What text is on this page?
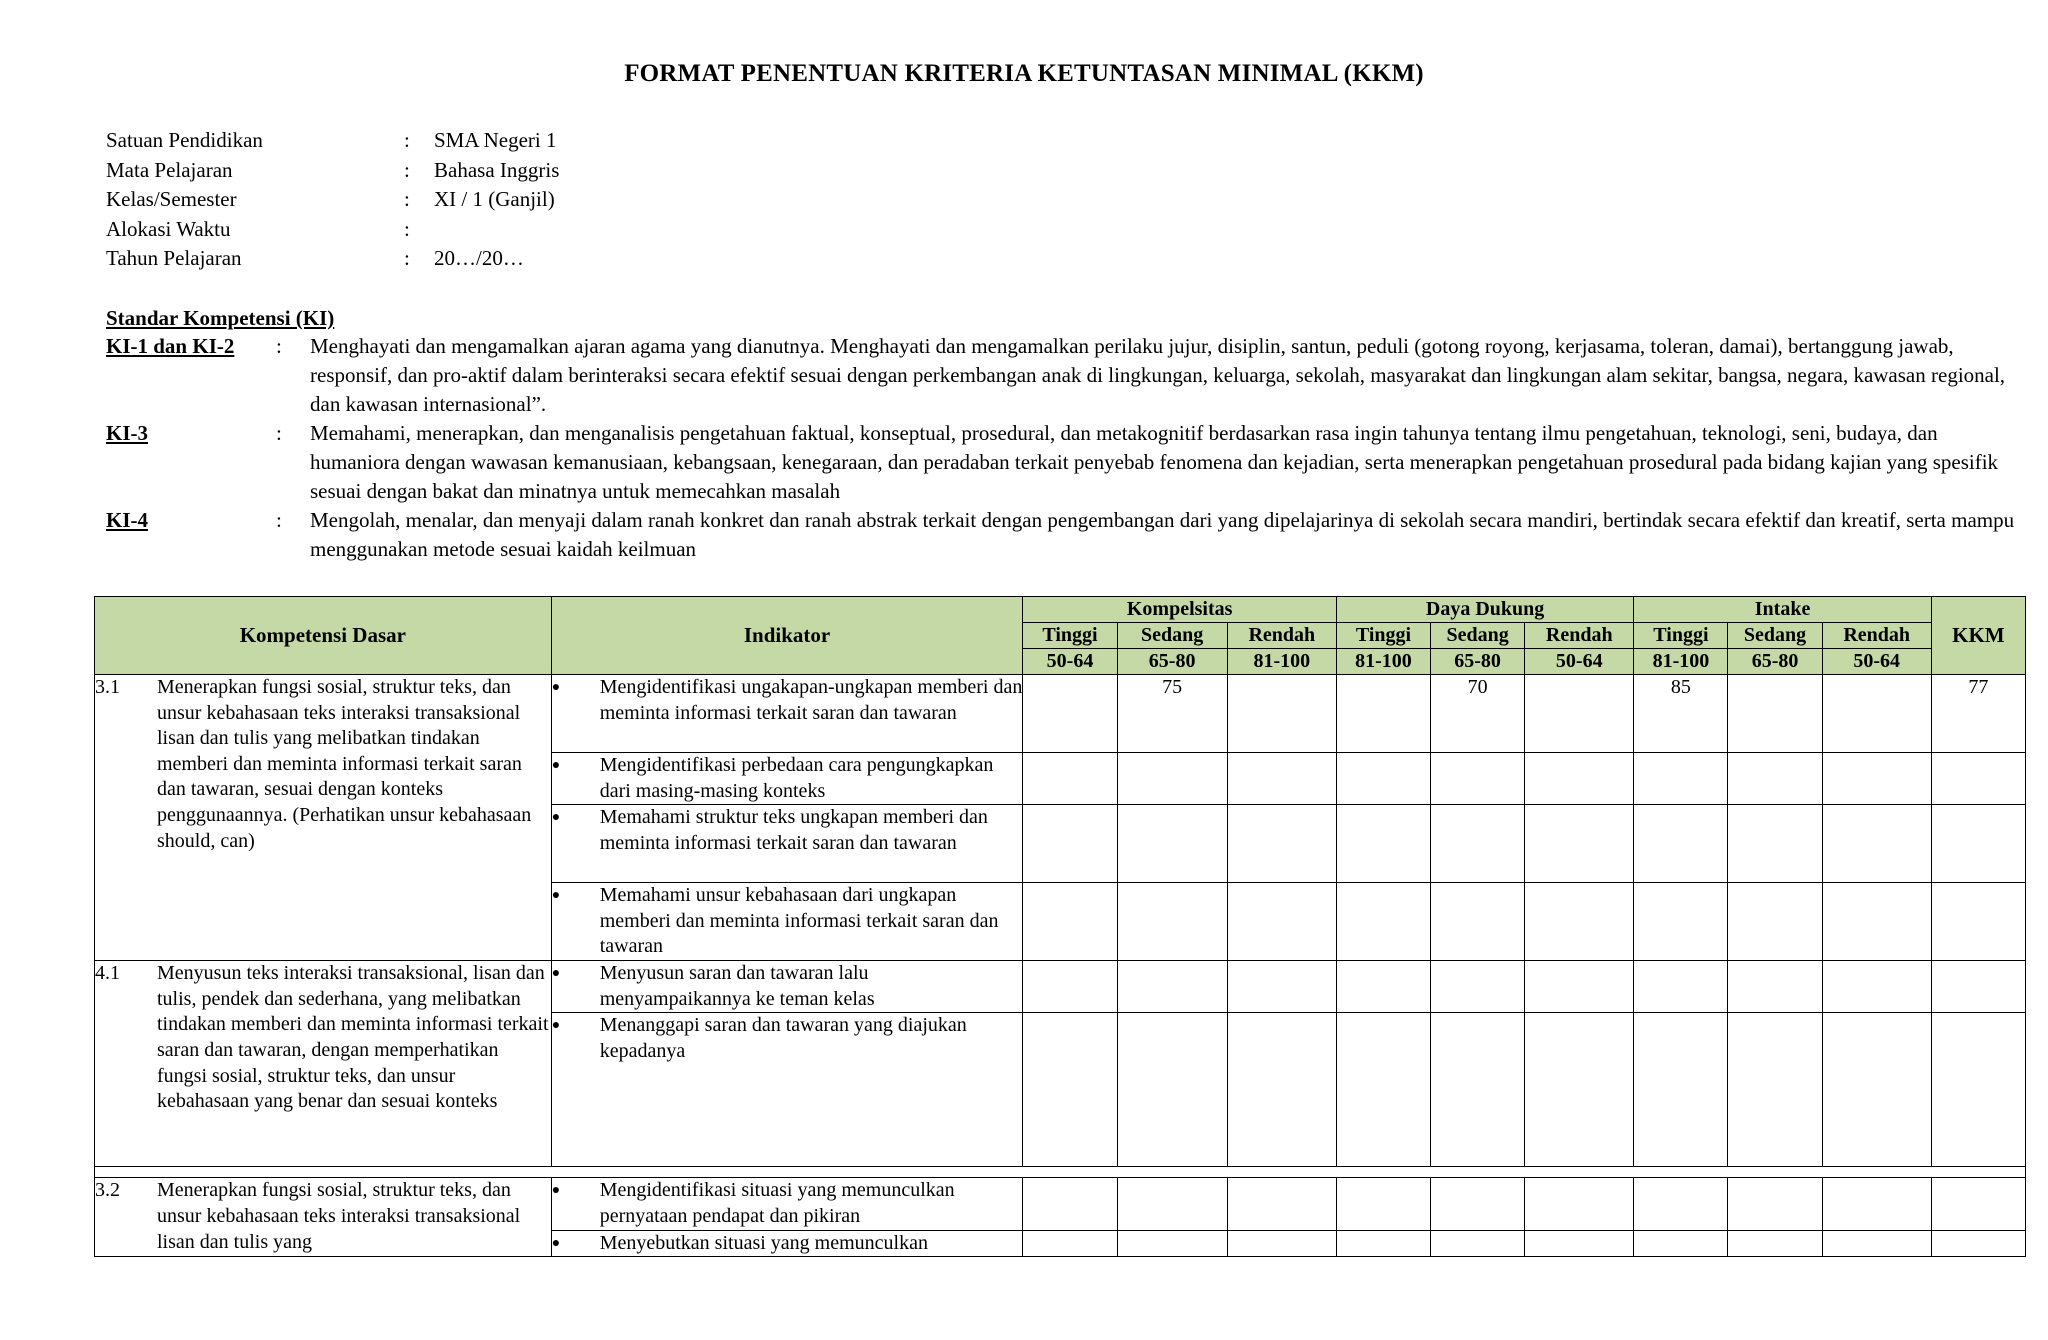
FORMAT PENENTUAN KRITERIA KETUNTASAN MINIMAL (KKM)
Satuan Pendidikan	:	SMA Negeri 1
Mata Pelajaran	:	Bahasa Inggris
Kelas/Semester	:	XI / 1 (Ganjil)
Alokasi Waktu	:
Tahun Pelajaran	:	20…/20…
Standar Kompetensi (KI)
KI-1 dan KI-2	:	Menghayati dan mengamalkan ajaran agama yang dianutnya. Menghayati dan mengamalkan perilaku jujur, disiplin, santun, peduli (gotong royong, kerjasama, toleran, damai), bertanggung jawab, responsif, dan pro-aktif dalam berinteraksi secara efektif sesuai dengan perkembangan anak di lingkungan, keluarga, sekolah, masyarakat dan lingkungan alam sekitar, bangsa, negara, kawasan regional, dan kawasan internasional”.
KI-3	:	Memahami, menerapkan, dan menganalisis pengetahuan faktual, konseptual, prosedural, dan metakognitif berdasarkan rasa ingin tahunya tentang ilmu pengetahuan, teknologi, seni, budaya, dan humaniora dengan wawasan kemanusiaan, kebangsaan, kenegaraan, dan peradaban terkait penyebab fenomena dan kejadian, serta menerapkan pengetahuan prosedural pada bidang kajian yang spesifik sesuai dengan bakat dan minatnya untuk memecahkan masalah
KI-4	:	Mengolah, menalar, dan menyaji dalam ranah konkret dan ranah abstrak terkait dengan pengembangan dari yang dipelajarinya di sekolah secara mandiri, bertindak secara efektif dan kreatif, serta mampu menggunakan metode sesuai kaidah keilmuan
Kompetensi Dasar	Indikator	Kompelsitas			Daya Dukung			Intake			KKM
		Tinggi	Sedang	Rendah	Tinggi	Sedang	Rendah	Tinggi	Sedang	Rendah	
		50-64	65-80	81-100	81-100	65-80	50-64	81-100	65-80	50-64	

3.1 Menerapkan fungsi sosial, struktur teks, dan unsur kebahasaan teks interaksi transaksional lisan dan tulis yang melibatkan tindakan memberi dan meminta informasi terkait saran dan tawaran, sesuai dengan konteks penggunaannya. (Perhatikan unsur kebahasaan should, can)	● Mengidentifikasi ungakapan-ungkapan memberi dan meminta informasi terkait saran dan tawaran		75			70		85			77

	● Mengidentifikasi perbedaan cara pengungkapkan dari masing-masing konteks										

	● Memahami struktur teks ungkapan memberi dan meminta informasi terkait saran dan tawaran										

	● Memahami unsur kebahasaan dari ungkapan memberi dan meminta informasi terkait saran dan tawaran										

4.1 Menyusun teks interaksi transaksional, lisan dan tulis, pendek dan sederhana, yang melibatkan tindakan memberi dan meminta informasi terkait saran dan tawaran, dengan memperhatikan fungsi sosial, struktur teks, dan unsur kebahasaan yang benar dan sesuai konteks	● Menyusun saran dan tawaran lalu menyampaikannya ke teman kelas										

	● Menanggapi saran dan tawaran yang diajukan kepadanya										

3.2 Menerapkan fungsi sosial, struktur teks, dan unsur kebahasaan teks interaksi transaksional lisan dan tulis yang	● Mengidentifikasi situasi yang memunculkan pernyataan pendapat dan pikiran										

	● Menyebutkan situasi yang memunculkan										
